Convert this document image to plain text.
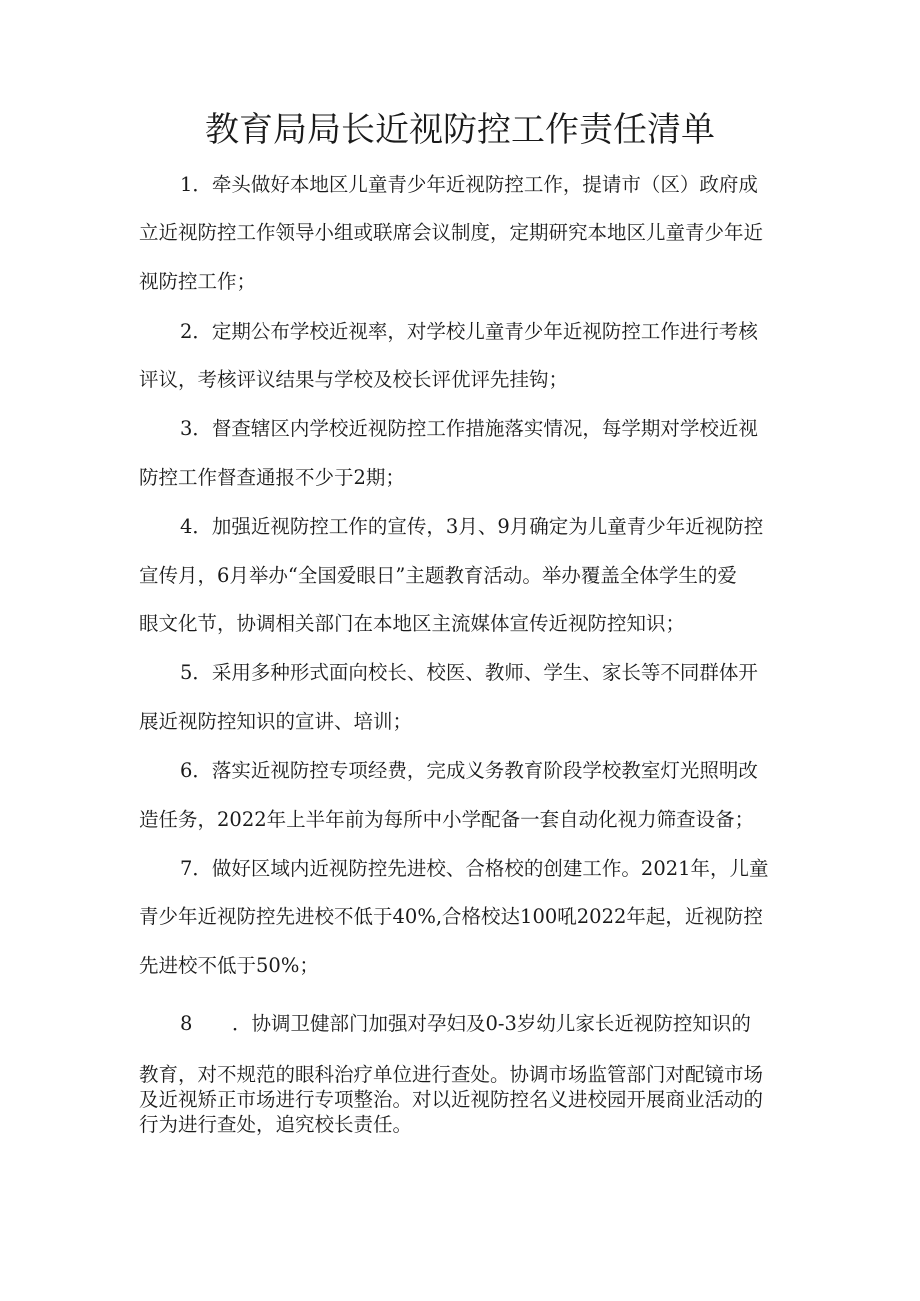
教育局局长近视防控工作责任清单
1．牵头做好本地区儿童青少年近视防控工作，提请市（区）政府成
立近视防控工作领导小组或联席会议制度，定期研究本地区儿童青少年近
视防控工作；
2．定期公布学校近视率，对学校儿童青少年近视防控工作进行考核
评议，考核评议结果与学校及校长评优评先挂钩；
3．督查辖区内学校近视防控工作措施落实情况，每学期对学校近视
防控工作督查通报不少于2期；
4．加强近视防控工作的宣传，3月、9月确定为儿童青少年近视防控
宣传月，6月举办“全国爱眼日”主题教育活动。举办覆盖全体学生的爱
眼文化节，协调相关部门在本地区主流媒体宣传近视防控知识；
5．采用多种形式面向校长、校医、教师、学生、家长等不同群体开
展近视防控知识的宣讲、培训；
6．落实近视防控专项经费，完成义务教育阶段学校教室灯光照明改
造任务，2022年上半年前为每所中小学配备一套自动化视力筛查设备；
7．做好区域内近视防控先进校、合格校的创建工作。2021年，儿童
青少年近视防控先进校不低于40%,合格校达100吼2022年起，近视防控
先进校不低于50%；
8 ．协调卫健部门加强对孕妇及0-3岁幼儿家长近视防控知识的
教育，对不规范的眼科治疗单位进行查处。协调市场监管部门对配镜市场
及近视矫正市场进行专项整治。对以近视防控名义进校园开展商业活动的
行为进行查处，追究校长责任。
